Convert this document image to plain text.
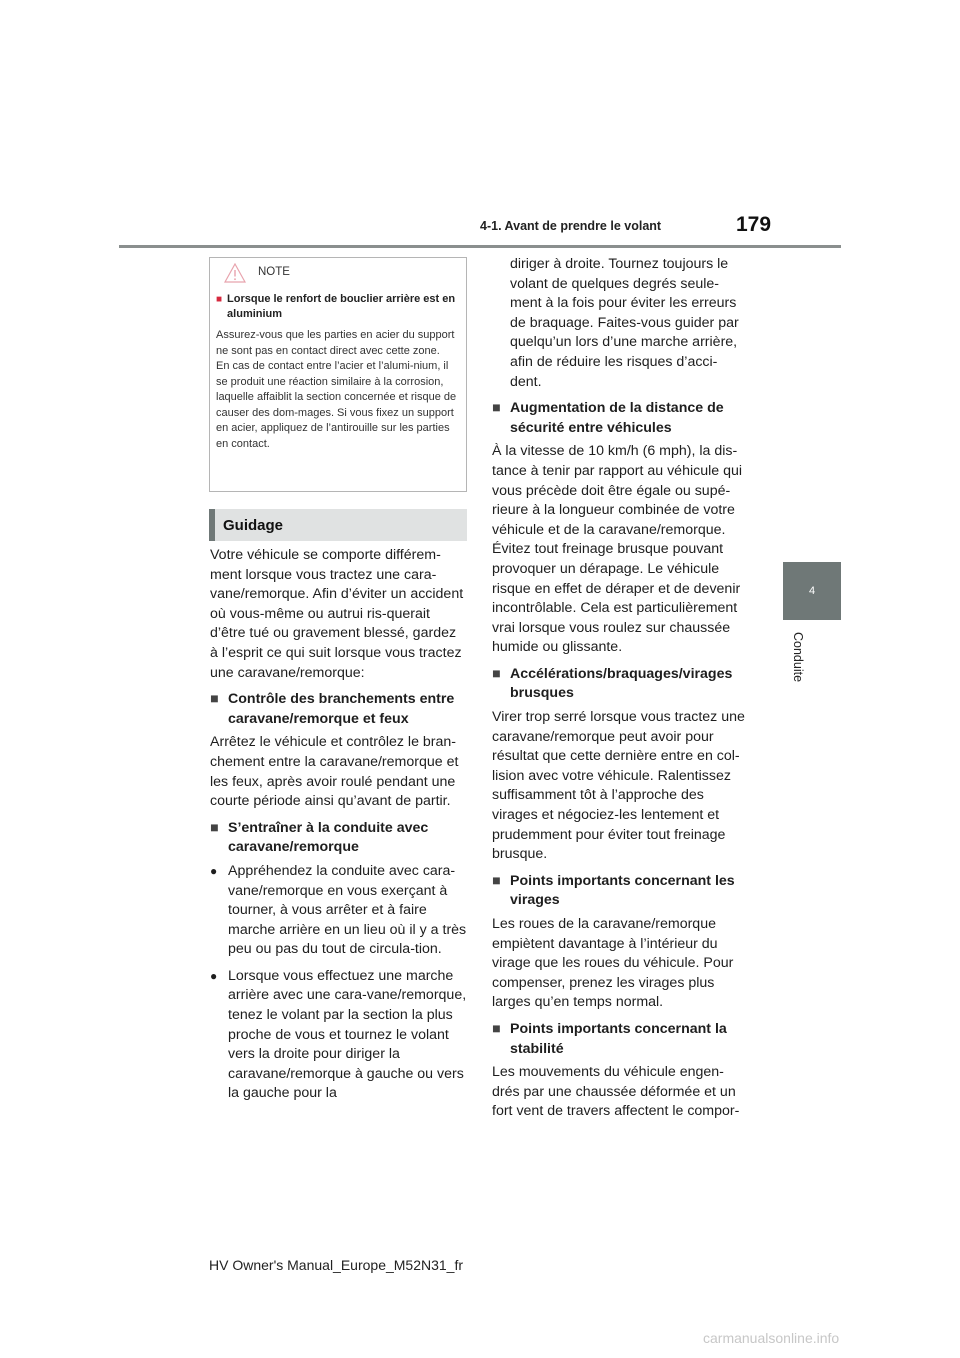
4-1. Avant de prendre le volant	179
4
Conduite
NOTE
■ Lorsque le renfort de bouclier arrière est en aluminium
Assurez-vous que les parties en acier du support ne sont pas en contact direct avec cette zone.
En cas de contact entre l’acier et l’alumi-nium, il se produit une réaction similaire à la corrosion, laquelle affaiblit la section concernée et risque de causer des dom-mages. Si vous fixez un support en acier, appliquez de l’antirouille sur les parties en contact.
Guidage

Votre véhicule se comporte différem-ment lorsque vous tractez une cara-vane/remorque. Afin d’éviter un accident où vous-même ou autrui ris-querait d’être tué ou gravement blessé, gardez à l’esprit ce qui suit lorsque vous tractez une caravane/remorque:

■ Contrôle des branchements entre caravane/remorque et feux

Arrêtez le véhicule et contrôlez le bran-chement entre la caravane/remorque et les feux, après avoir roulé pendant une courte période ainsi qu’avant de partir.

■ S’entraîner à la conduite avec caravane/remorque
● Appréhendez la conduite avec cara-vane/remorque en vous exerçant à tourner, à vous arrêter et à faire marche arrière en un lieu où il y a très peu ou pas du tout de circula-tion.
● Lorsque vous effectuez une marche arrière avec une cara-vane/remorque, tenez le volant par la section la plus proche de vous et tournez le volant vers la droite pour diriger la caravane/remorque à gauche ou vers la gauche pour la

diriger à droite. Tournez toujours le volant de quelques degrés seule-ment à la fois pour éviter les erreurs de braquage. Faites-vous guider par quelqu’un lors d’une marche arrière, afin de réduire les risques d’acci-dent.

■ Augmentation de la distance de sécurité entre véhicules

À la vitesse de 10 km/h (6 mph), la dis-tance à tenir par rapport au véhicule qui vous précède doit être égale ou supé-rieure à la longueur combinée de votre véhicule et de la caravane/remorque. Évitez tout freinage brusque pouvant provoquer un dérapage. Le véhicule risque en effet de déraper et de devenir incontrôlable. Cela est particulièrement vrai lorsque vous roulez sur chaussée humide ou glissante.

■ Accélérations/braquages/virages brusques

Virer trop serré lorsque vous tractez une caravane/remorque peut avoir pour résultat que cette dernière entre en col-lision avec votre véhicule. Ralentissez suffisamment tôt à l’approche des virages et négociez-les lentement et prudemment pour éviter tout freinage brusque.

■ Points importants concernant les virages

Les roues de la caravane/remorque empiètent davantage à l’intérieur du virage que les roues du véhicule. Pour compenser, prenez les virages plus larges qu’en temps normal.

■ Points importants concernant la stabilité

Les mouvements du véhicule engen-drés par une chaussée déformée et un fort vent de travers affectent le compor-

HV Owner's Manual_Europe_M52N31_fr
carmanualsonline.info
